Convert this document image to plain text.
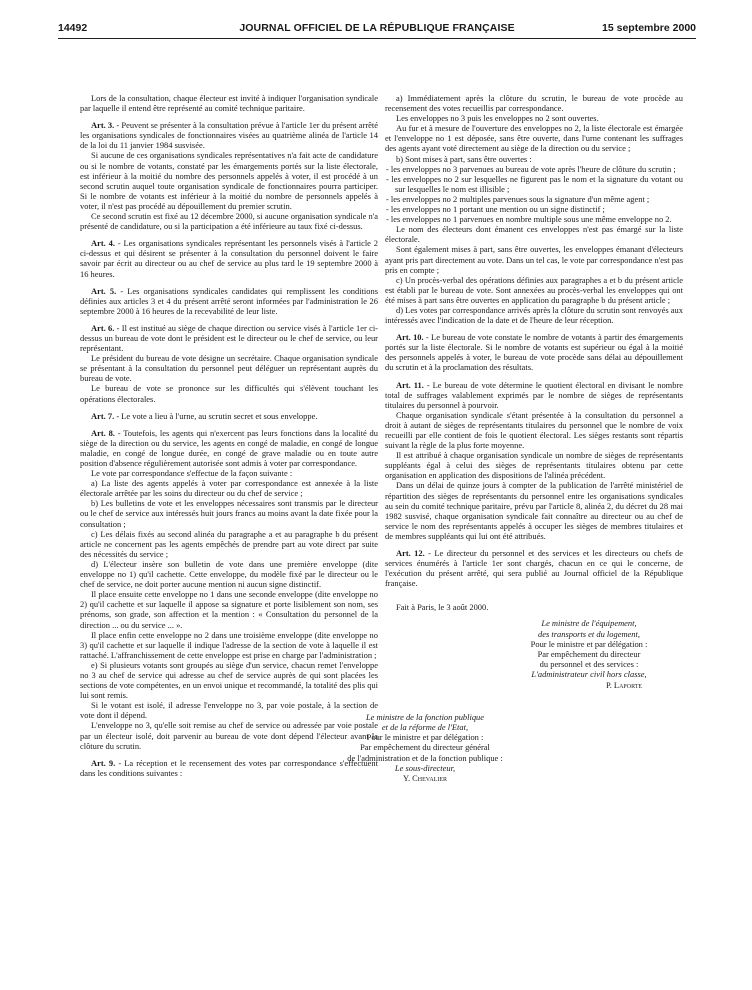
14492	JOURNAL OFFICIEL DE LA RÉPUBLIQUE FRANÇAISE	15 septembre 2000

Lors de la consultation, chaque électeur est invité à indiquer l'organisation syndicale par laquelle il entend être représenté au comité technique paritaire.

Art. 3. - Peuvent se présenter à la consultation prévue à l'article 1er du présent arrêté les organisations syndicales de fonctionnaires visées au quatrième alinéa de l'article 14 de la loi du 11 janvier 1984 susvisée.

Si aucune de ces organisations syndicales représentatives n'a fait acte de candidature ou si le nombre de votants, constaté par les émargements portés sur la liste électorale, est inférieur à la moitié du nombre des personnels appelés à voter, il est procédé à un second scrutin auquel toute organisation syndicale de fonctionnaires pourra participer. Si le nombre de votants est inférieur à la moitié du nombre de personnels appelés à voter, il n'est pas procédé au dépouillement du premier scrutin.

Ce second scrutin est fixé au 12 décembre 2000, si aucune organisation syndicale n'a présenté de candidature, ou si la participation a été inférieure au taux fixé ci-dessus.

Art. 4. - Les organisations syndicales représentant les personnels visés à l'article 2 ci-dessus et qui désirent se présenter à la consultation du personnel doivent le faire savoir par écrit au directeur ou au chef de service au plus tard le 19 septembre 2000 à 16 heures.

Art. 5. - Les organisations syndicales candidates qui remplissent les conditions définies aux articles 3 et 4 du présent arrêté seront informées par l'administration le 26 septembre 2000 à 16 heures de la recevabilité de leur liste.

Art. 6. - Il est institué au siège de chaque direction ou service visés à l'article 1er ci-dessus un bureau de vote dont le président est le directeur ou le chef de service, ou leur représentant.

Le président du bureau de vote désigne un secrétaire. Chaque organisation syndicale se présentant à la consultation du personnel peut déléguer un représentant auprès du bureau de vote.

Le bureau de vote se prononce sur les difficultés qui s'élèvent touchant les opérations électorales.

Art. 7. - Le vote a lieu à l'urne, au scrutin secret et sous enveloppe.

Art. 8. - Toutefois, les agents qui n'exercent pas leurs fonctions dans la localité du siège de la direction ou du service, les agents en congé de maladie, en congé de longue maladie, en congé de longue durée, en congé de grave maladie ou en toute autre position d'absence régulièrement autorisée sont admis à voter par correspondance.

Le vote par correspondance s'effectue de la façon suivante :

a) La liste des agents appelés à voter par correspondance est annexée à la liste électorale arrêtée par les soins du directeur ou du chef de service ;

b) Les bulletins de vote et les enveloppes nécessaires sont transmis par le directeur ou le chef de service aux intéressés huit jours francs au moins avant la date fixée pour la consultation ;

c) Les délais fixés au second alinéa du paragraphe a et au paragraphe b du présent article ne concernent pas les agents empêchés de prendre part au vote direct par suite des nécessités du service ;

d) L'électeur insère son bulletin de vote dans une première enveloppe (dite enveloppe no 1) qu'il cachette. Cette enveloppe, du modèle fixé par le directeur ou le chef de service, ne doit porter aucune mention ni aucun signe distinctif.

Il place ensuite cette enveloppe no 1 dans une seconde enveloppe (dite enveloppe no 2) qu'il cachette et sur laquelle il appose sa signature et porte lisiblement son nom, ses prénoms, son grade, son affection et la mention : « Consultation du personnel de la direction ... ou du service ... ».

Il place enfin cette enveloppe no 2 dans une troisième enveloppe (dite enveloppe no 3) qu'il cachette et sur laquelle il indique l'adresse de la section de vote à laquelle il est rattaché. L'affranchissement de cette enveloppe est prise en charge par l'administration ;

e) Si plusieurs votants sont groupés au siège d'un service, chacun remet l'enveloppe no 3 au chef de service qui adresse au chef de service auprès de qui sont placées les sections de vote compétentes, en un envoi unique et recommandé, la totalité des plis qui lui sont remis.

Si le votant est isolé, il adresse l'enveloppe no 3, par voie postale, à la section de vote dont il dépend.

L'enveloppe no 3, qu'elle soit remise au chef de service ou adressée par voie postale par un électeur isolé, doit parvenir au bureau de vote dont dépend l'électeur avant la clôture du scrutin.

Art. 9. - La réception et le recensement des votes par correspondance s'effectuent dans les conditions suivantes :

a) Immédiatement après la clôture du scrutin, le bureau de vote procède au recensement des votes recueillis par correspondance.

Les enveloppes no 3 puis les enveloppes no 2 sont ouvertes.

Au fur et à mesure de l'ouverture des enveloppes no 2, la liste électorale est émargée et l'enveloppe no 1 est déposée, sans être ouverte, dans l'urne contenant les suffrages des agents ayant voté directement au siège de la direction ou du service ;

b) Sont mises à part, sans être ouvertes :

- les enveloppes no 3 parvenues au bureau de vote après l'heure de clôture du scrutin ;
- les enveloppes no 2 sur lesquelles ne figurent pas le nom et la signature du votant ou sur lesquelles le nom est illisible ;
- les enveloppes no 2 multiples parvenues sous la signature d'un même agent ;
- les enveloppes no 1 portant une mention ou un signe distinctif ;
- les enveloppes no 1 parvenues en nombre multiple sous une même enveloppe no 2.

Le nom des électeurs dont émanent ces enveloppes n'est pas émargé sur la liste électorale.

Sont également mises à part, sans être ouvertes, les enveloppes émanant d'électeurs ayant pris part directement au vote. Dans un tel cas, le vote par correspondance n'est pas pris en compte ;

c) Un procès-verbal des opérations définies aux paragraphes a et b du présent article est établi par le bureau de vote. Sont annexées au procès-verbal les enveloppes qui ont été mises à part sans être ouvertes en application du paragraphe b du présent article ;

d) Les votes par correspondance arrivés après la clôture du scrutin sont renvoyés aux intéressés avec l'indication de la date et de l'heure de leur réception.

Art. 10. - Le bureau de vote constate le nombre de votants à partir des émargements portés sur la liste électorale. Si le nombre de votants est supérieur ou égal à la moitié des personnels appelés à voter, le bureau de vote procède sans délai au dépouillement du scrutin et à la proclamation des résultats.

Art. 11. - Le bureau de vote détermine le quotient électoral en divisant le nombre total de suffrages valablement exprimés par le nombre de sièges de représentants titulaires du personnel à pourvoir.

Chaque organisation syndicale s'étant présentée à la consultation du personnel a droit à autant de sièges de représentants titulaires du personnel que le nombre de voix recueilli par elle contient de fois le quotient électoral. Les sièges restants sont répartis suivant la règle de la plus forte moyenne.

Il est attribué à chaque organisation syndicale un nombre de sièges de représentants suppléants égal à celui des sièges de représentants titulaires obtenu par cette organisation en application des dispositions de l'alinéa précédent.

Dans un délai de quinze jours à compter de la publication de l'arrêté ministériel de répartition des sièges de représentants du personnel entre les organisations syndicales au sein du comité technique paritaire, prévu par l'article 8, alinéa 2, du décret du 28 mai 1982 susvisé, chaque organisation syndicale fait connaître au directeur ou au chef de service le nom des représentants appelés à occuper les sièges de membres titulaires et de membres suppléants qui lui ont été attribués.

Art. 12. - Le directeur du personnel et des services et les directeurs ou chefs de services énumérés à l'article 1er sont chargés, chacun en ce qui le concerne, de l'exécution du présent arrêté, qui sera publié au Journal officiel de la République française.

Fait à Paris, le 3 août 2000.
Le ministre de l'équipement,
des transports et du logement,
Pour le ministre et par délégation :
Par empêchement du directeur
du personnel et des services :
L'administrateur civil hors classe,
P. Laporte
Le ministre de la fonction publique
et de la réforme de l'Etat,
Pour le ministre et par délégation :
Par empêchement du directeur général
de l'administration et de la fonction publique :
Le sous-directeur,
Y. Chevalier
